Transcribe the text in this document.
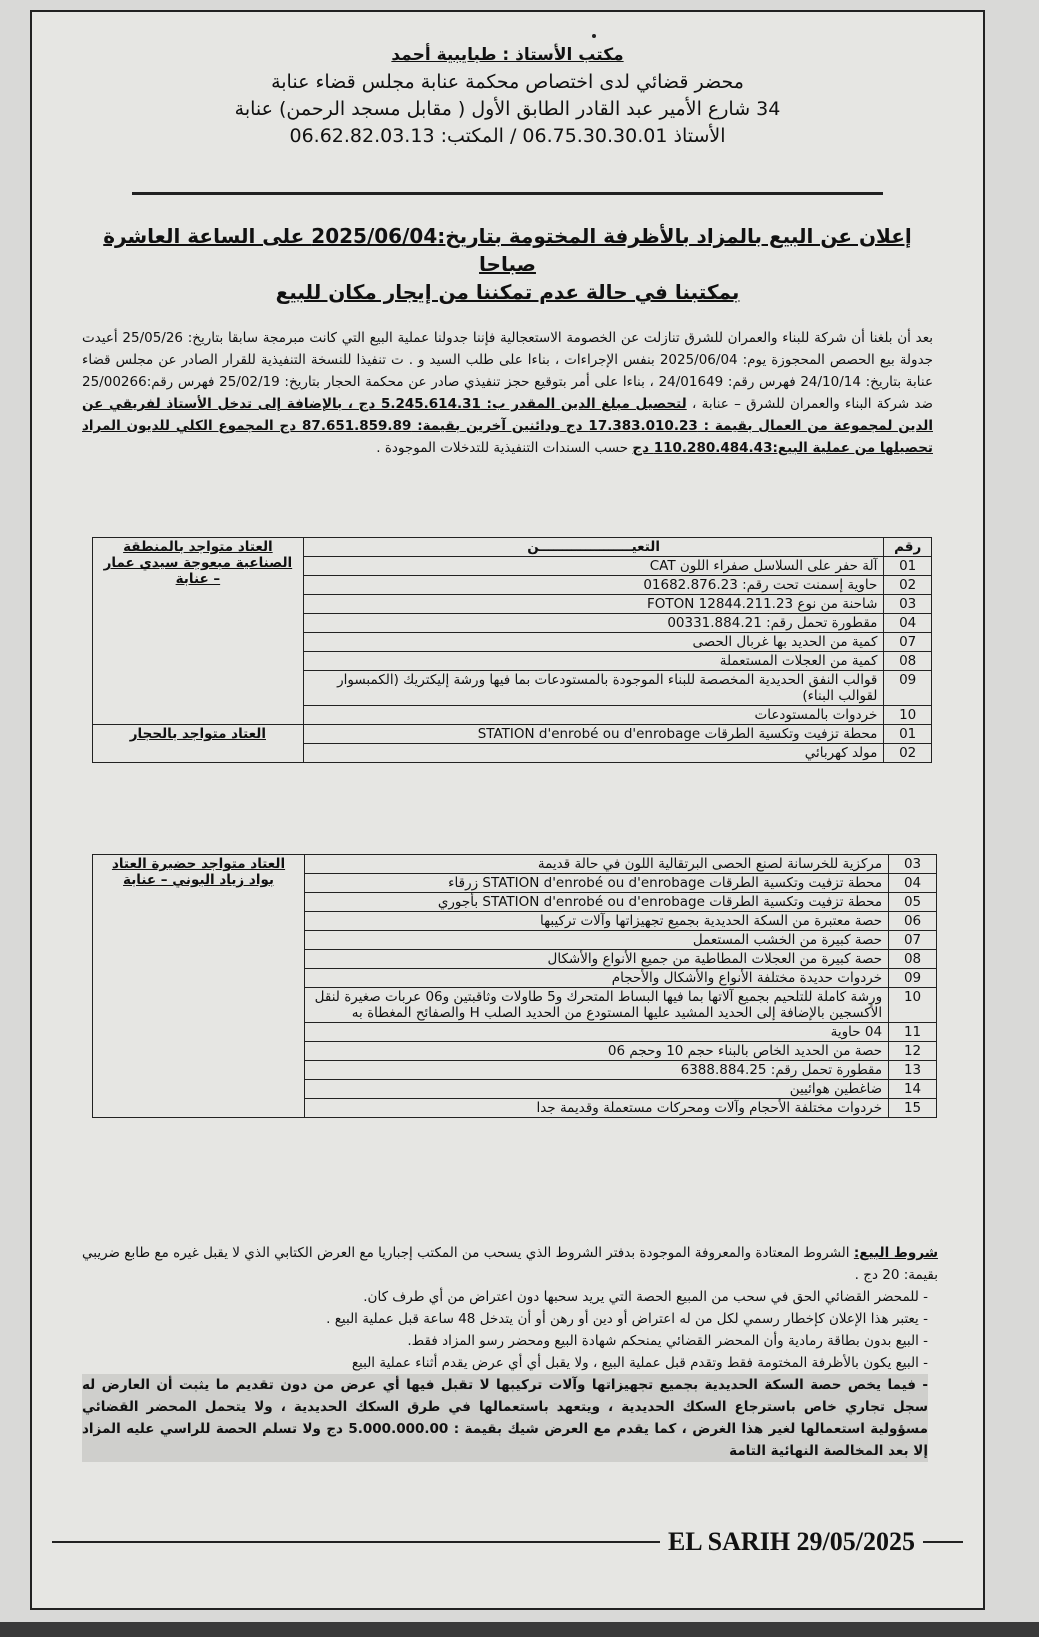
مكتب الأستاذ : طبايبية أحمد
محضر قضائي لدى اختصاص محكمة عنابة مجلس قضاء عنابة
34 شارع الأمير عبد القادر الطابق الأول ( مقابل مسجد الرحمن) عنابة
الأستاذ 06.75.30.30.01 / المكتب: 06.62.82.03.13
إعلان عن البيع بالمزاد بالأظرفة المختومة بتاريخ:2025/06/04 على الساعة العاشرة صباحا
بمكتبنا في حالة عدم تمكننا من إيجار مكان للبيع
بعد أن بلغنا أن شركة للبناء والعمران للشرق تنازلت عن الخصومة الاستعجالية فإننا جدولنا عملية البيع التي كانت مبرمجة سابقا بتاريخ: 25/05/26 أعيدت جدولة بيع الحصص المحجوزة يوم: 2025/06/04 بنفس الإجراءات ، بناءا على طلب السيد و . ت تنفيذا للنسخة التنفيذية للقرار الصادر عن مجلس قضاء عنابة بتاريخ: 24/10/14 فهرس رقم: 24/01649 ، بناءا على أمر بتوقيع حجز تنفيذي صادر عن محكمة الحجار بتاريخ: 25/02/19 فهرس رقم:25/00266 ضد شركة البناء والعمران للشرق – عنابة ، لتحصيل مبلغ الدين المقدر ب: 5.245.614.31 دج ، بالإضافة إلى تدخل الأستاذ لفريقي عن الدين لمجموعة من العمال بقيمة : 17.383.010.23 دج ودائنين آخرين بقيمة: 87.651.859.89 دج المجموع الكلي للديون المراد تحصيلها من عملية البيع:110.280.484.43 دج حسب السندات التنفيذية للتدخلات الموجودة .
رقم	التعيــــــــــــــــــــن	العتاد متواجد بالمنطقة الصناعية مبعوجة سيدي عمار – عنابة
01	آلة حفر على السلاسل صفراء اللون CAT	
02	حاوية إسمنت تحت رقم: 01682.876.23	
03	شاحنة من نوع 12844.211.23 FOTON	
04	مقطورة تحمل رقم: 00331.884.21	
07	كمية من الحديد بها غربال الحصى	
08	كمية من العجلات المستعملة	
09	قوالب النفق الحديدية المخصصة للبناء الموجودة بالمستودعات بما فيها ورشة إليكتريك (الكمبسوار لقوالب البناء)	
10	خردوات بالمستودعات	
01	محطة تزفيت وتكسية الطرقات STATION d'enrobé ou d'enrobage	العتاد متواجد بالحجار
02	مولد كهربائي	
03	مركزية للخرسانة لصنع الحصى البرتقالية اللون في حالة قديمة	العتاد متواجد حضيرة العتاد بواد زياد البوني – عنابة
04	محطة تزفيت وتكسية الطرقات STATION d'enrobé ou d'enrobage زرقاء	
05	محطة تزفيت وتكسية الطرقات STATION d'enrobé ou d'enrobage بأجوري	
06	حصة معتبرة من السكة الحديدية بجميع تجهيزاتها وآلات تركيبها	
07	حصة كبيرة من الخشب المستعمل	
08	حصة كبيرة من العجلات المطاطية من جميع الأنواع والأشكال	
09	خردوات حديدة مختلفة الأنواع والأشكال والأحجام	
10	ورشة كاملة للتلحيم بجميع آلاتها بما فيها البساط المتحرك و5 طاولات وثاقبتين و06 عربات صغيرة لنقل الأكسجين بالإضافة إلى الحديد المشيد عليها المستودع من الحديد الصلب H والصفائح المغطاة به	
11	04 حاوية	
12	حصة من الحديد الخاص بالبناء حجم 10 وحجم 06	
13	مقطورة تحمل رقم: 6388.884.25	
14	ضاغطين هوائيين	
15	خردوات مختلفة الأحجام وآلات ومحركات مستعملة وقديمة جدا	
شروط البيع: الشروط المعتادة والمعروفة الموجودة بدفتر الشروط الذي يسحب من المكتب إجباريا مع العرض الكتابي الذي لا يقبل غيره مع طابع ضريبي بقيمة: 20 دج .
- للمحضر القضائي الحق في سحب من المبيع الحصة التي يريد سحبها دون اعتراض من أي طرف كان.
- يعتبر هذا الإعلان كإخطار رسمي لكل من له اعتراض أو دين أو رهن أو أن يتدخل 48 ساعة قبل عملية البيع .
- البيع بدون بطاقة رمادية وأن المحضر القضائي يمنحكم شهادة البيع ومحضر رسو المزاد فقط.
- البيع يكون بالأظرفة المختومة فقط وتقدم قبل عملية البيع ، ولا يقبل أي أي عرض يقدم أثناء عملية البيع
- فيما يخص حصة السكة الحديدية بجميع تجهيزاتها وآلات تركيبها لا تقبل فيها أي عرض من دون تقديم ما يثبت أن العارض له سجل تجاري خاص باسترجاع السكك الحديدية ، ويتعهد باستعمالها في طرق السكك الحديدية ، ولا يتحمل المحضر القضائي مسؤولية استعمالها لغير هذا الغرض ، كما يقدم مع العرض شيك بقيمة : 5.000.000.00 دج ولا تسلم الحصة للراسي عليه المزاد إلا بعد المخالصة النهائية التامة
EL SARIH 29/05/2025
